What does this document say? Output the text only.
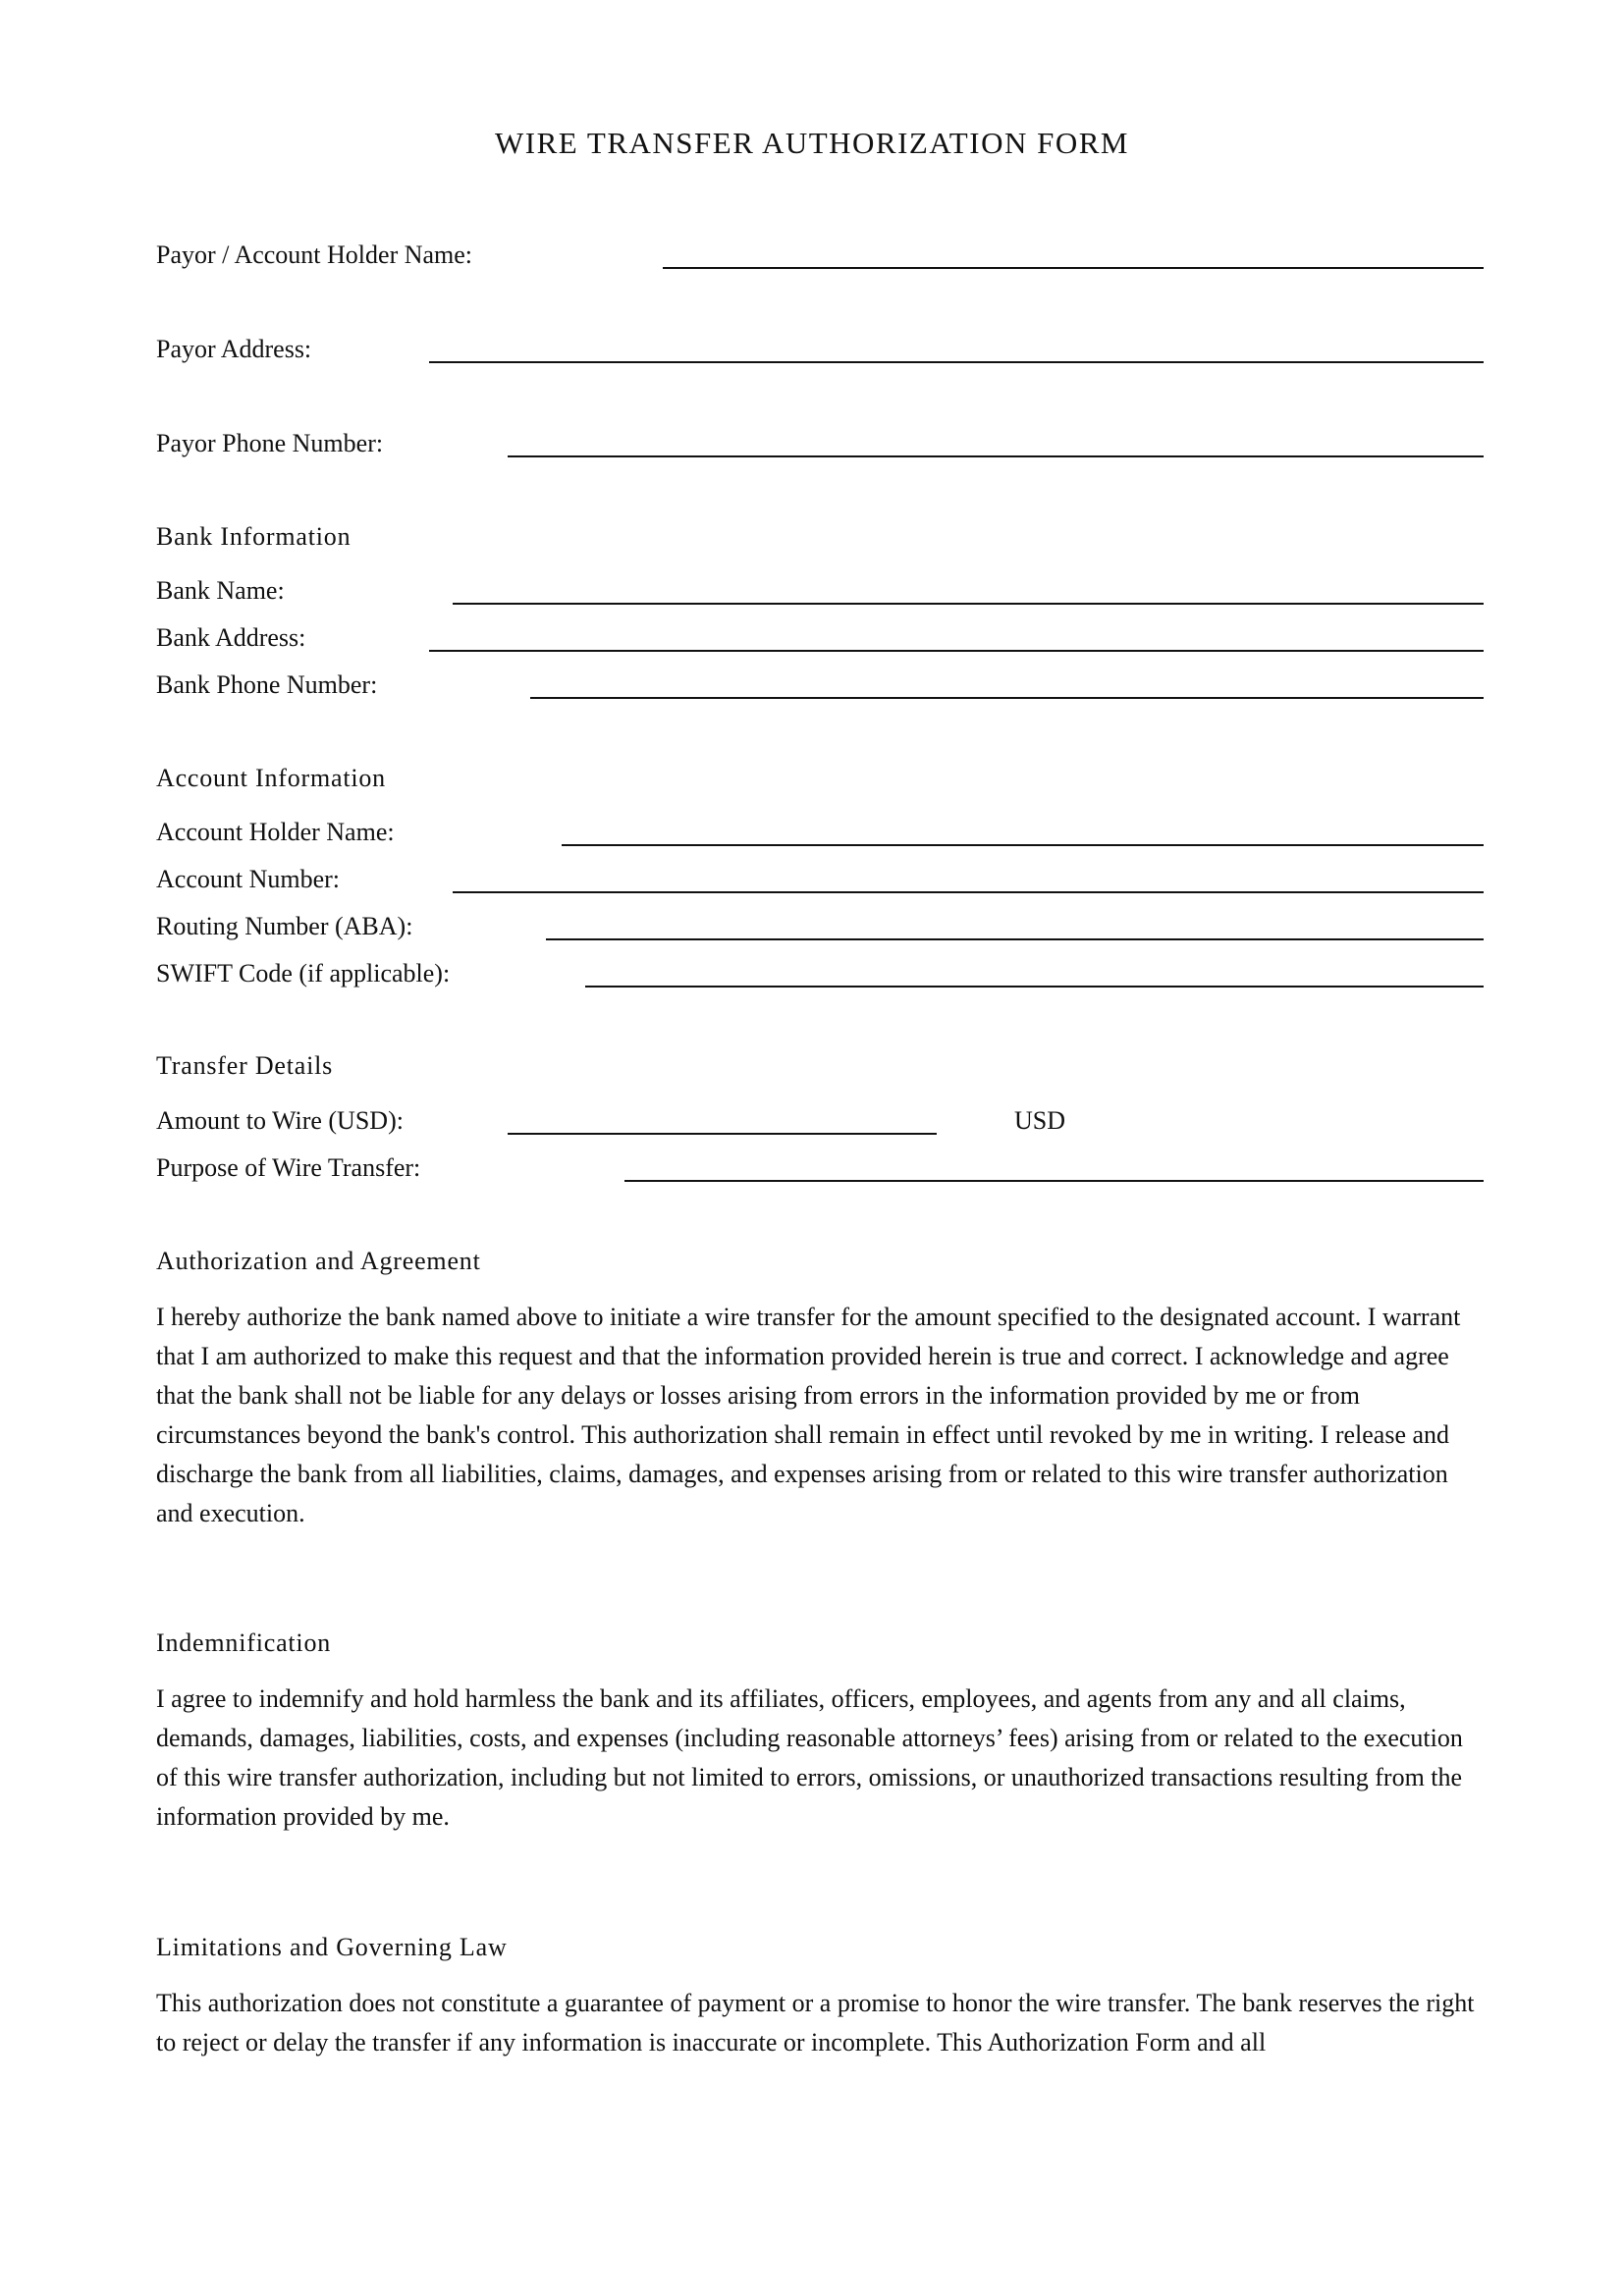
WIRE TRANSFER AUTHORIZATION FORM
Payor / Account Holder Name:
Payor Address:
Payor Phone Number:
Bank Information
Bank Name:
Bank Address:
Bank Phone Number:
Account Information
Account Holder Name:
Account Number:
Routing Number (ABA):
SWIFT Code (if applicable):
Transfer Details
Amount to Wire (USD):	USD
Purpose of Wire Transfer:
Authorization and Agreement

I hereby authorize the bank named above to initiate a wire transfer for the amount specified to the designated account. I warrant that I am authorized to make this request and that the information provided herein is true and correct. I acknowledge and agree that the bank shall not be liable for any delays or losses arising from errors in the information provided by me or from circumstances beyond the bank's control. This authorization shall remain in effect until revoked by me in writing. I release and discharge the bank from all liabilities, claims, damages, and expenses arising from or related to this wire transfer authorization and execution.

Indemnification

I agree to indemnify and hold harmless the bank and its affiliates, officers, employees, and agents from any and all claims, demands, damages, liabilities, costs, and expenses (including reasonable attorneys’ fees) arising from or related to the execution of this wire transfer authorization, including but not limited to errors, omissions, or unauthorized transactions resulting from the information provided by me.

Limitations and Governing Law

This authorization does not constitute a guarantee of payment or a promise to honor the wire transfer. The bank reserves the right to reject or delay the transfer if any information is inaccurate or incomplete. This Authorization Form and all
